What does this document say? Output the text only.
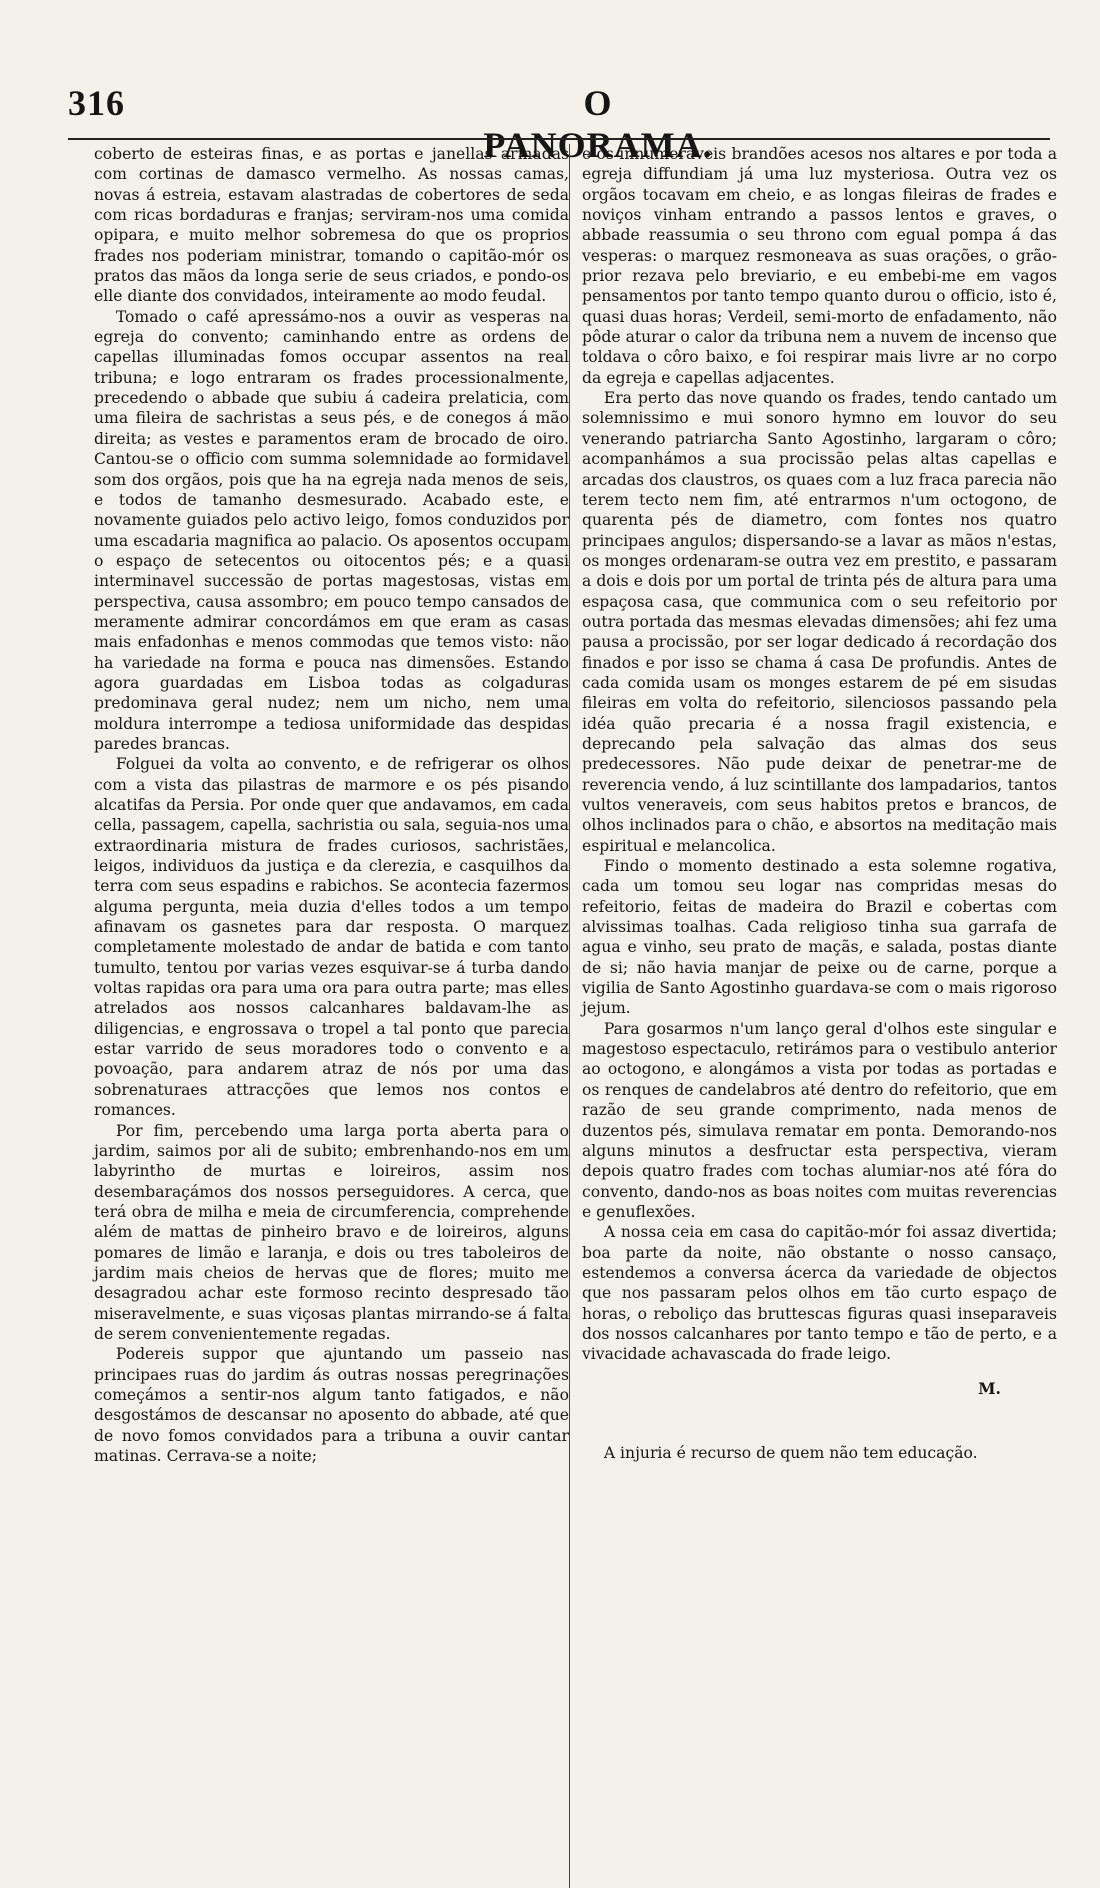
316	O PANORAMA.

coberto de esteiras finas, e as portas e janellas armadas com cortinas de damasco vermelho. As nossas camas, novas á estreia, estavam alastradas de cobertores de seda com ricas bordaduras e franjas; serviram-nos uma comida opipara, e muito melhor sobremesa do que os proprios frades nos poderiam ministrar, tomando o capitão-mór os pratos das mãos da longa serie de seus criados, e pondo-os elle diante dos convidados, inteiramente ao modo feudal.

Tomado o café apressámo-nos a ouvir as vesperas na egreja do convento; caminhando entre as ordens de capellas illuminadas fomos occupar assentos na real tribuna; e logo entraram os frades processionalmente, precedendo o abbade que subiu á cadeira prelaticia, com uma fileira de sachristas a seus pés, e de conegos á mão direita; as vestes e paramentos eram de brocado de oiro. Cantou-se o officio com summa solemnidade ao formidavel som dos orgãos, pois que ha na egreja nada menos de seis, e todos de tamanho desmesurado. Acabado este, e novamente guiados pelo activo leigo, fomos conduzidos por uma escadaria magnifica ao palacio. Os aposentos occupam o espaço de setecentos ou oitocentos pés; e a quasi interminavel successão de portas magestosas, vistas em perspectiva, causa assombro; em pouco tempo cansados de meramente admirar concordámos em que eram as casas mais enfadonhas e menos commodas que temos visto: não ha variedade na forma e pouca nas dimensões. Estando agora guardadas em Lisboa todas as colgaduras predominava geral nudez; nem um nicho, nem uma moldura interrompe a tediosa uniformidade das despidas paredes brancas.

Folguei da volta ao convento, e de refrigerar os olhos com a vista das pilastras de marmore e os pés pisando alcatifas da Persia. Por onde quer que andavamos, em cada cella, passagem, capella, sachristia ou sala, seguia-nos uma extraordinaria mistura de frades curiosos, sachristães, leigos, individuos da justiça e da clerezia, e casquilhos da terra com seus espadins e rabichos. Se acontecia fazermos alguma pergunta, meia duzia d'elles todos a um tempo afinavam os gasnetes para dar resposta. O marquez completamente molestado de andar de batida e com tanto tumulto, tentou por varias vezes esquivar-se á turba dando voltas rapidas ora para uma ora para outra parte; mas elles atrelados aos nossos calcanhares baldavam-lhe as diligencias, e engrossava o tropel a tal ponto que parecia estar varrido de seus moradores todo o convento e a povoação, para andarem atraz de nós por uma das sobrenaturaes attracções que lemos nos contos e romances.

Por fim, percebendo uma larga porta aberta para o jardim, saimos por ali de subito; embrenhando-nos em um labyrintho de murtas e loireiros, assim nos desembaraçámos dos nossos perseguidores. A cerca, que terá obra de milha e meia de circumferencia, comprehende além de mattas de pinheiro bravo e de loireiros, alguns pomares de limão e laranja, e dois ou tres taboleiros de jardim mais cheios de hervas que de flores; muito me desagradou achar este formoso recinto despresado tão miseravelmente, e suas viçosas plantas mirrando-se á falta de serem convenientemente regadas.

Podereis suppor que ajuntando um passeio nas principaes ruas do jardim ás outras nossas peregrinações começámos a sentir-nos algum tanto fatigados, e não desgostámos de descansar no aposento do abbade, até que de novo fomos convidados para a tribuna a ouvir cantar matinas. Cerrava-se a noite;

e os innumeraveis brandões acesos nos altares e por toda a egreja diffundiam já uma luz mysteriosa. Outra vez os orgãos tocavam em cheio, e as longas fileiras de frades e noviços vinham entrando a passos lentos e graves, o abbade reassumia o seu throno com egual pompa á das vesperas: o marquez resmoneava as suas orações, o grão-prior rezava pelo breviario, e eu embebi-me em vagos pensamentos por tanto tempo quanto durou o officio, isto é, quasi duas horas; Verdeil, semi-morto de enfadamento, não pôde aturar o calor da tribuna nem a nuvem de incenso que toldava o côro baixo, e foi respirar mais livre ar no corpo da egreja e capellas adjacentes.

Era perto das nove quando os frades, tendo cantado um solemnissimo e mui sonoro hymno em louvor do seu venerando patriarcha Santo Agostinho, largaram o côro; acompanhámos a sua procissão pelas altas capellas e arcadas dos claustros, os quaes com a luz fraca parecia não terem tecto nem fim, até entrarmos n'um octogono, de quarenta pés de diametro, com fontes nos quatro principaes angulos; dispersando-se a lavar as mãos n'estas, os monges ordenaram-se outra vez em prestito, e passaram a dois e dois por um portal de trinta pés de altura para uma espaçosa casa, que communica com o seu refeitorio por outra portada das mesmas elevadas dimensões; ahi fez uma pausa a procissão, por ser logar dedicado á recordação dos finados e por isso se chama á casa De profundis. Antes de cada comida usam os monges estarem de pé em sisudas fileiras em volta do refeitorio, silenciosos passando pela idéa quão precaria é a nossa fragil existencia, e deprecando pela salvação das almas dos seus predecessores. Não pude deixar de penetrar-me de reverencia vendo, á luz scintillante dos lampadarios, tantos vultos veneraveis, com seus habitos pretos e brancos, de olhos inclinados para o chão, e absortos na meditação mais espiritual e melancolica.

Findo o momento destinado a esta solemne rogativa, cada um tomou seu logar nas compridas mesas do refeitorio, feitas de madeira do Brazil e cobertas com alvissimas toalhas. Cada religioso tinha sua garrafa de agua e vinho, seu prato de maçãs, e salada, postas diante de si; não havia manjar de peixe ou de carne, porque a vigilia de Santo Agostinho guardava-se com o mais rigoroso jejum.

Para gosarmos n'um lanço geral d'olhos este singular e magestoso espectaculo, retirámos para o vestibulo anterior ao octogono, e alongámos a vista por todas as portadas e os renques de candelabros até dentro do refeitorio, que em razão de seu grande comprimento, nada menos de duzentos pés, simulava rematar em ponta. Demorando-nos alguns minutos a desfructar esta perspectiva, vieram depois quatro frades com tochas alumiar-nos até fóra do convento, dando-nos as boas noites com muitas reverencias e genuflexões.

A nossa ceia em casa do capitão-mór foi assaz divertida; boa parte da noite, não obstante o nosso cansaço, estendemos a conversa ácerca da variedade de objectos que nos passaram pelos olhos em tão curto espaço de horas, o reboliço das bruttescas figuras quasi inseparaveis dos nossos calcanhares por tanto tempo e tão de perto, e a vivacidade achavascada do frade leigo.

M.

A injuria é recurso de quem não tem educação.
